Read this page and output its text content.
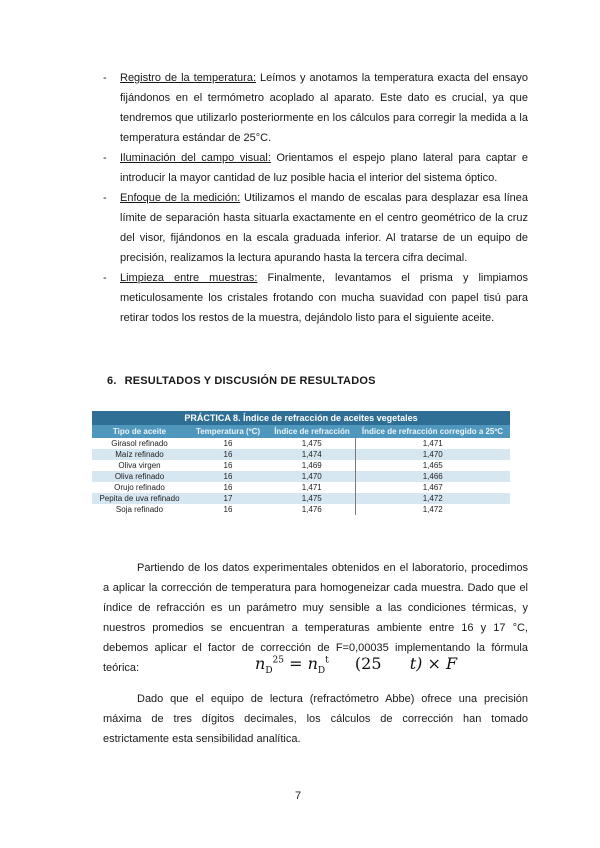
- Registro de la temperatura: Leímos y anotamos la temperatura exacta del ensayo fijándonos en el termómetro acoplado al aparato. Este dato es crucial, ya que tendremos que utilizarlo posteriormente en los cálculos para corregir la medida a la temperatura estándar de 25°C.
- Iluminación del campo visual: Orientamos el espejo plano lateral para captar e introducir la mayor cantidad de luz posible hacia el interior del sistema óptico.
- Enfoque de la medición: Utilizamos el mando de escalas para desplazar esa línea límite de separación hasta situarla exactamente en el centro geométrico de la cruz del visor, fijándonos en la escala graduada inferior. Al tratarse de un equipo de precisión, realizamos la lectura apurando hasta la tercera cifra decimal.
- Limpieza entre muestras: Finalmente, levantamos el prisma y limpiamos meticulosamente los cristales frotando con mucha suavidad con papel tisú para retirar todos los restos de la muestra, dejándolo listo para el siguiente aceite.
6. RESULTADOS Y DISCUSIÓN DE RESULTADOS
PRÁCTICA 8. Índice de refracción de aceites vegetales			
Tipo de aceite	Temperatura (ºC)	Índice de refracción	Índice de refracción corregido a 25ºC
Girasol refinado	16	1,475	1,471
Maíz refinado	16	1,474	1,470
Oliva virgen	16	1,469	1,465
Oliva refinado	16	1,470	1,466
Orujo refinado	16	1,471	1,467
Pepita de uva refinado	17	1,475	1,472
Soja refinado	16	1,476	1,472
Partiendo de los datos experimentales obtenidos en el laboratorio, procedimos a aplicar la corrección de temperatura para homogeneizar cada muestra. Dado que el índice de refracción es un parámetro muy sensible a las condiciones térmicas, y nuestros promedios se encuentran a temperaturas ambiente entre 16 y 17 °C, debemos aplicar el factor de corrección de F=0,00035 implementando la fórmula teórica:	$n_D^{25} = n_D^t$ (25 t) × F
Dado que el equipo de lectura (refractómetro Abbe) ofrece una precisión máxima de tres dígitos decimales, los cálculos de corrección han tomado estrictamente esta sensibilidad analítica.
7
